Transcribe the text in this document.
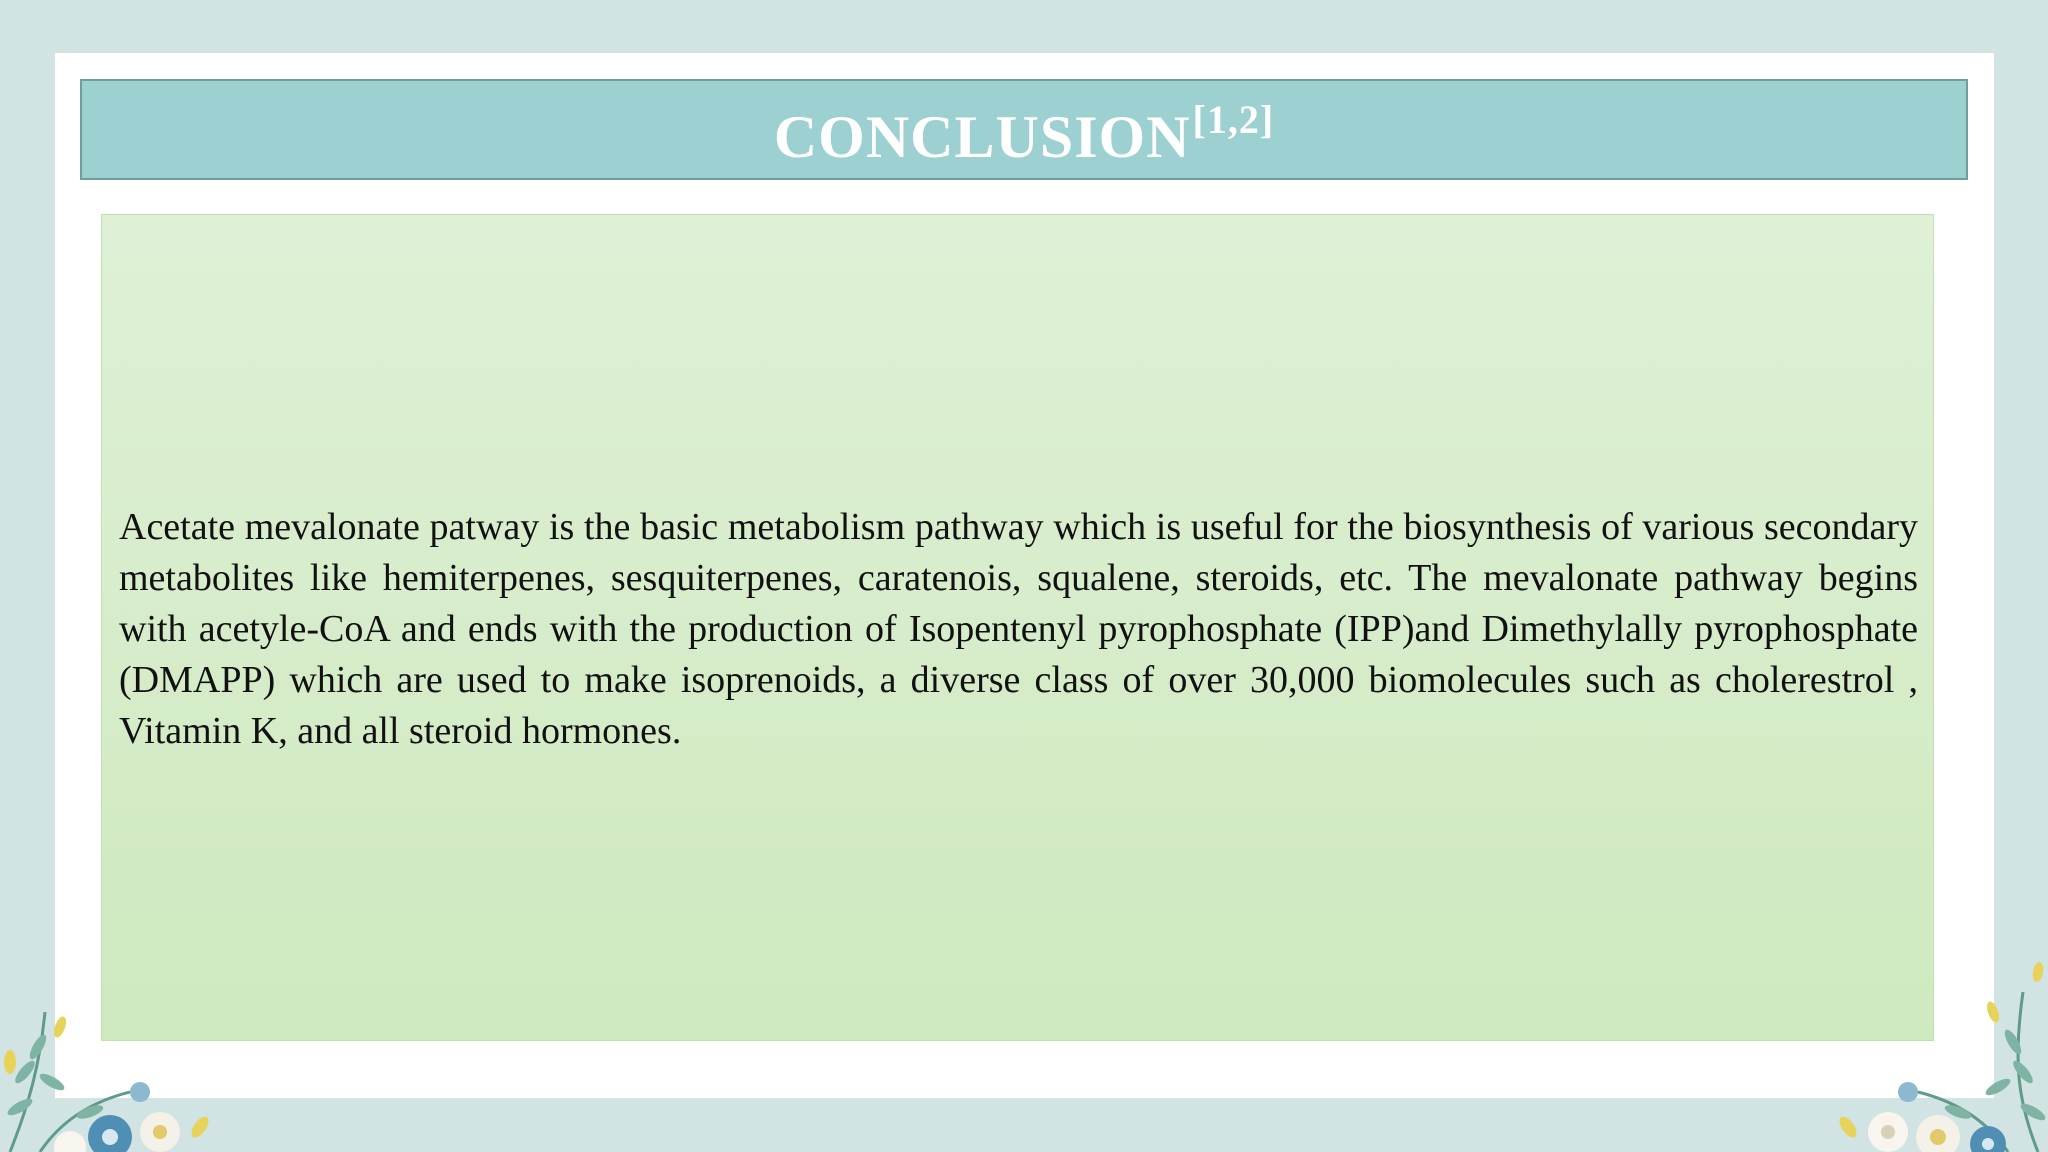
CONCLUSION[1,2]

Acetate mevalonate patway is the basic metabolism pathway which is useful for the biosynthesis of various secondary metabolites like hemiterpenes, sesquiterpenes, caratenois, squalene, steroids, etc. The mevalonate pathway begins with acetyle-CoA and ends with the production of Isopentenyl pyrophosphate (IPP)and Dimethylally pyrophosphate (DMAPP) which are used to make isoprenoids, a diverse class of over 30,000 biomolecules such as cholerestrol , Vitamin K, and all steroid hormones.
